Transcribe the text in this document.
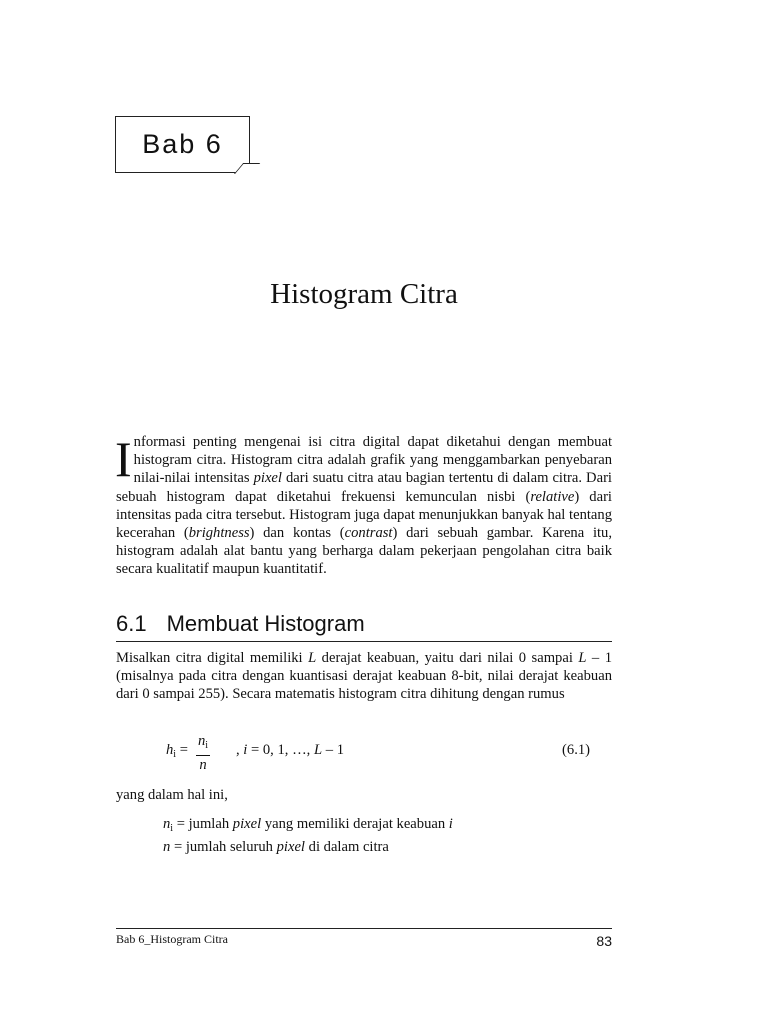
Bab 6
Histogram Citra
Informasi penting mengenai isi citra digital dapat diketahui dengan membuat histogram citra. Histogram citra adalah grafik yang menggambarkan penyebaran nilai-nilai intensitas pixel dari suatu citra atau bagian tertentu di dalam citra. Dari sebuah histogram dapat diketahui frekuensi kemunculan nisbi (relative) dari intensitas pada citra tersebut. Histogram juga dapat menunjukkan banyak hal tentang kecerahan (brightness) dan kontas (contrast) dari sebuah gambar. Karena itu, histogram adalah alat bantu yang berharga dalam pekerjaan pengolahan citra baik secara kualitatif maupun kuantitatif.
6.1 Membuat Histogram
Misalkan citra digital memiliki L derajat keabuan, yaitu dari nilai 0 sampai L – 1 (misalnya pada citra dengan kuantisasi derajat keabuan 8-bit, nilai derajat keabuan dari 0 sampai 255). Secara matematis histogram citra dihitung dengan rumus
$h_i = \frac{n_i}{n}$ , i = 0, 1, …, L – 1	(6.1)
yang dalam hal ini,
$n_i$ = jumlah pixel yang memiliki derajat keabuan i
n = jumlah seluruh pixel di dalam citra
Bab 6_Histogram Citra	83
